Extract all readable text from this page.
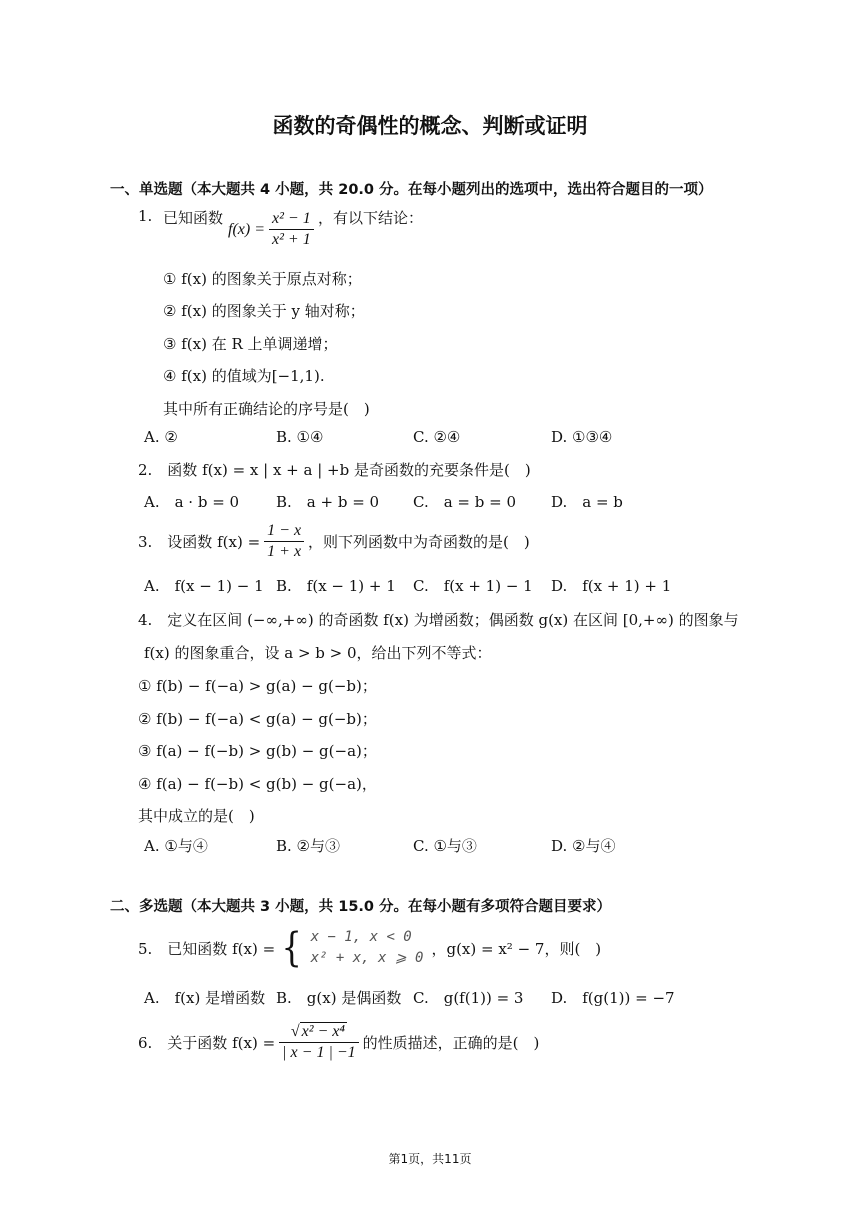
函数的奇偶性的概念、判断或证明
一、单选题（本大题共 4 小题，共 20.0 分。在每小题列出的选项中，选出符合题目的一项）
1. 已知函数
$f(x) = \frac{\text{x² − 1}}{\text{x² + 1}}$ ，有以下结论：
① f(x) 的图象关于原点对称；
② f(x) 的图象关于 y 轴对称；
③ f(x) 在 R 上单调递增；
④ f(x) 的值域为[−1,1).
其中所有正确结论的序号是(　)
A. ②	B. ①④	C. ②④	D. ①③④
2.　函数 f(x) = x | x + a | +b 是奇函数的充要条件是(　)
A.　a · b = 0 B.　a + b = 0 C.　a = b = 0 D.　a = b
3.　设函数 $f(x) = \frac{1 - x}{1 + x}$ ，则下列函数中为奇函数的是(　)
A.　f(x − 1) − 1 B.　f(x − 1) + 1 C.　f(x + 1) − 1 D.　f(x + 1) + 1
4.　定义在区间 (−∞,+∞) 的奇函数 f(x) 为增函数；偶函数 g(x) 在区间 [0,+∞) 的图象与
f(x) 的图象重合，设 a > b > 0，给出下列不等式：
① f(b) − f(−a) > g(a) − g(−b)；
② f(b) − f(−a) < g(a) − g(−b)；
③ f(a) − f(−b) > g(b) − g(−a)；
④ f(a) − f(−b) < g(b) − g(−a)，
其中成立的是(　)
A. ①与④	B. ②与③	C. ①与③	D. ②与④
二、多选题（本大题共 3 小题，共 15.0 分。在每小题有多项符合题目要求）
5.　已知函数 f(x) = { x − 1, x < 0
x² + x, x ⩾ 0
，g(x) = x² − 7，则(　)
A.　f(x) 是增函数 B.　g(x) 是偶函数 C.　g(f(1)) = 3 D.　f(g(1)) = −7
6.　关于函数 $f(x) = \frac{\text{√ x² − x⁴}}{| x - 1 | -1}$ 的性质描述，正确的是(　)
第1页，共11页
